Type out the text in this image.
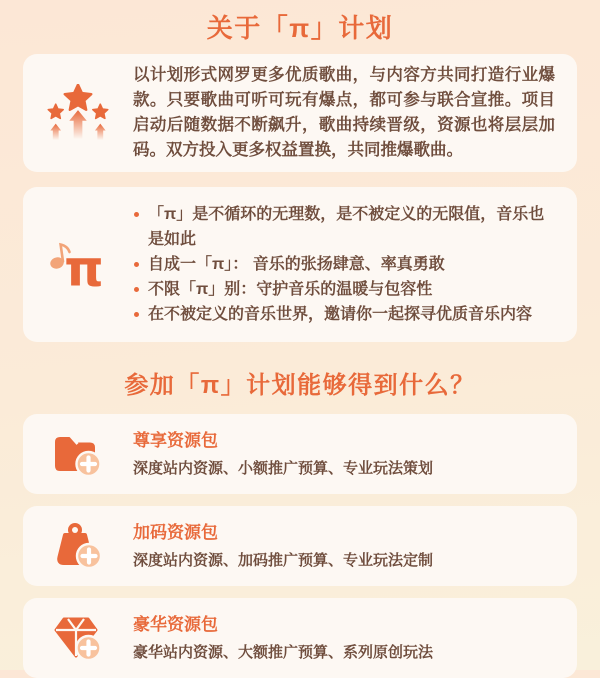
关于「π」计划
以计划形式网罗更多优质歌曲，与内容方共同打造行业爆款。只要歌曲可听可玩有爆点，都可参与联合宣推。项目启动后随数据不断飙升，歌曲持续晋级，资源也将层层加码。双方投入更多权益置换，共同推爆歌曲。
π
「π」是不循环的无理数，是不被定义的无限值，音乐也是如此
自成一「π」： 音乐的张扬肆意、率真勇敢
不限「π」别：守护音乐的温暖与包容性
在不被定义的音乐世界，邀请你一起探寻优质音乐内容
参加「π」计划能够得到什么？
尊享资源包
深度站内资源、小额推广预算、专业玩法策划
加码资源包
深度站内资源、加码推广预算、专业玩法定制
豪华资源包
豪华站内资源、大额推广预算、系列原创玩法
